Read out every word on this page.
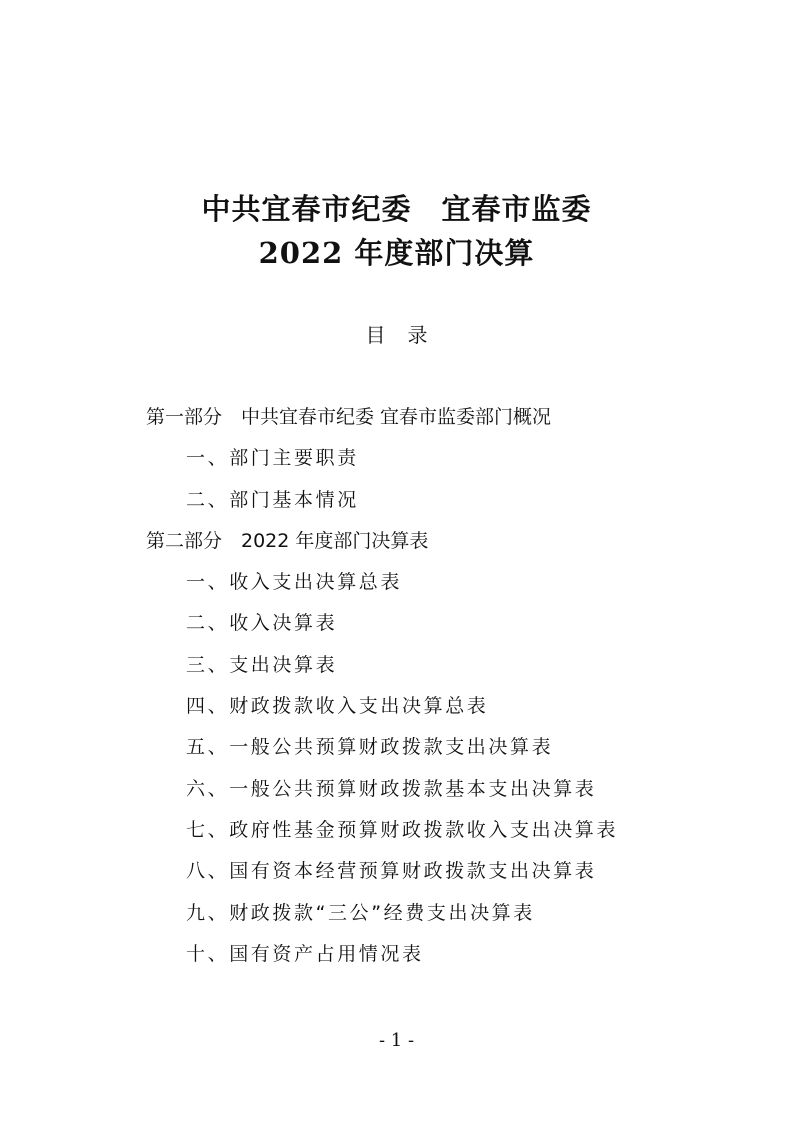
中共宜春市纪委　宜春市监委
2022 年度部门决算
目录
第一部分　中共宜春市纪委 宜春市监委部门概况
一、部门主要职责
二、部门基本情况
第二部分　2022 年度部门决算表
一、收入支出决算总表
二、收入决算表
三、支出决算表
四、财政拨款收入支出决算总表
五、一般公共预算财政拨款支出决算表
六、一般公共预算财政拨款基本支出决算表
七、政府性基金预算财政拨款收入支出决算表
八、国有资本经营预算财政拨款支出决算表
九、财政拨款“三公”经费支出决算表
十、国有资产占用情况表
- 1 -
